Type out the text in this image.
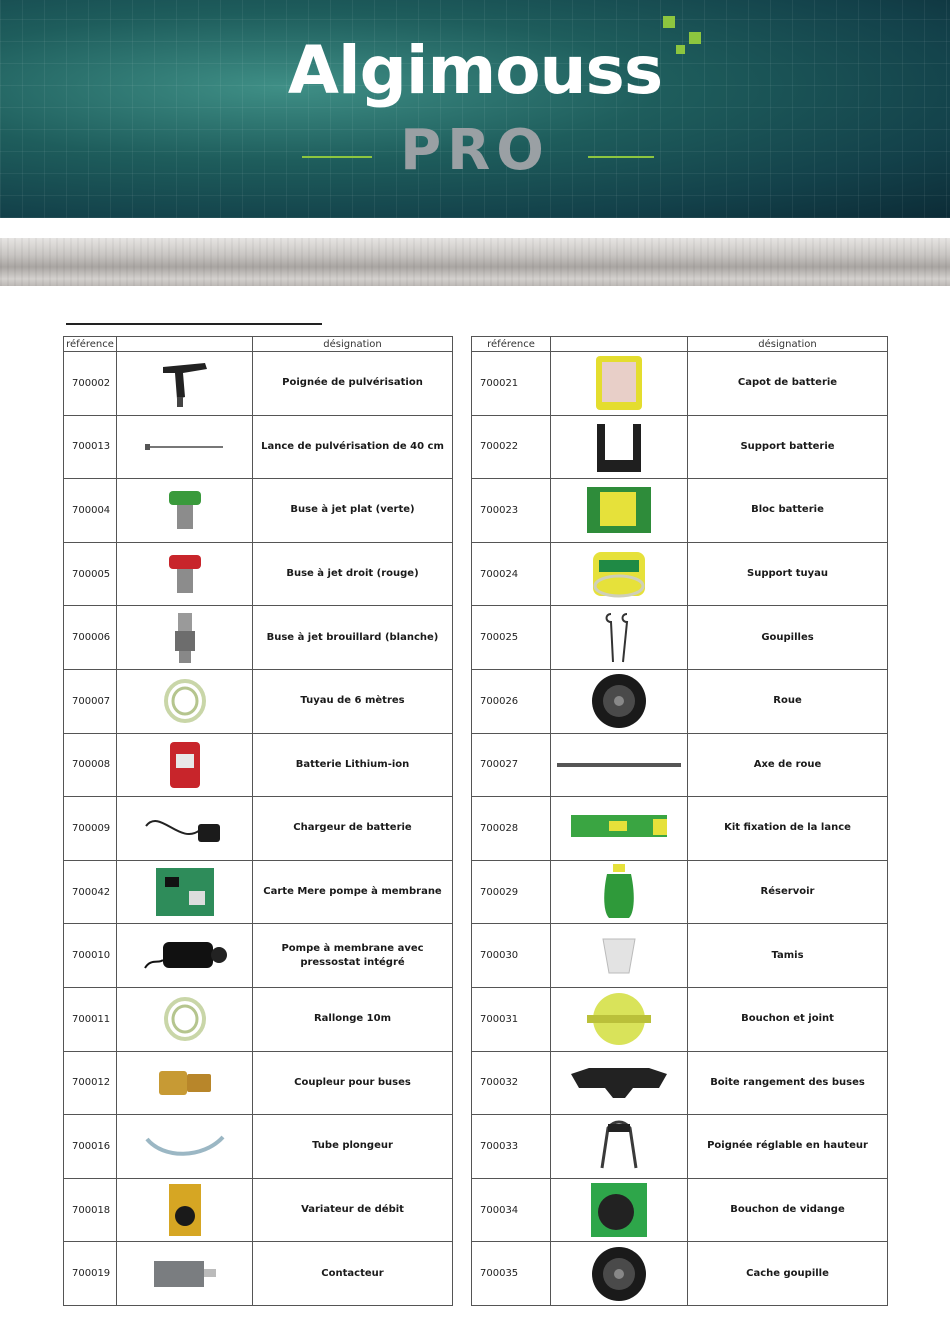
Algimouss
PRO
référence		désignation
700002		Poignée de pulvérisation
700013		Lance de pulvérisation de 40 cm
700004		Buse à jet plat (verte)
700005		Buse à jet droit (rouge)
700006		Buse à jet brouillard (blanche)
700007		Tuyau de 6 mètres
700008		Batterie Lithium-ion
700009		Chargeur de batterie
700042		Carte Mere pompe à membrane
700010		Pompe à membrane avec pressostat intégré
700011		Rallonge 10m
700012		Coupleur pour buses
700016		Tube plongeur
700018		Variateur de débit
700019		Contacteur
référence		désignation
700021		Capot de batterie
700022		Support batterie
700023		Bloc batterie
700024		Support tuyau
700025		Goupilles
700026		Roue
700027		Axe de roue
700028		Kit fixation de la lance
700029		Réservoir
700030		Tamis
700031		Bouchon et joint
700032		Boite rangement des buses
700033		Poignée réglable en hauteur
700034		Bouchon de vidange
700035		Cache goupille
